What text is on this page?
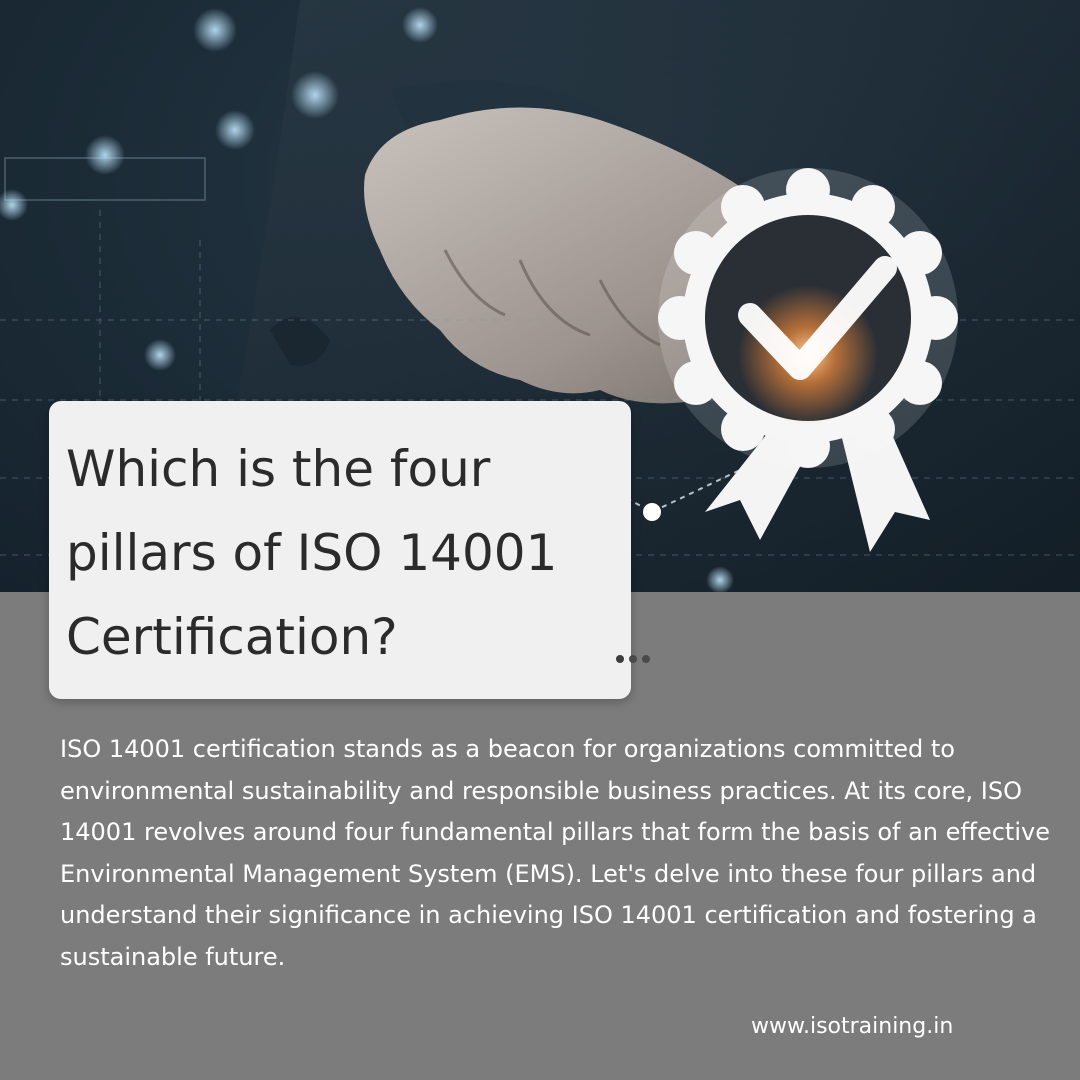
Which is the four
pillars of ISO 14001
Certification?

ISO 14001 certification stands as a beacon for organizations committed to environmental sustainability and responsible business practices. At its core, ISO 14001 revolves around four fundamental pillars that form the basis of an effective Environmental Management System (EMS). Let's delve into these four pillars and understand their significance in achieving ISO 14001 certification and fostering a sustainable future.

www.isotraining.in
